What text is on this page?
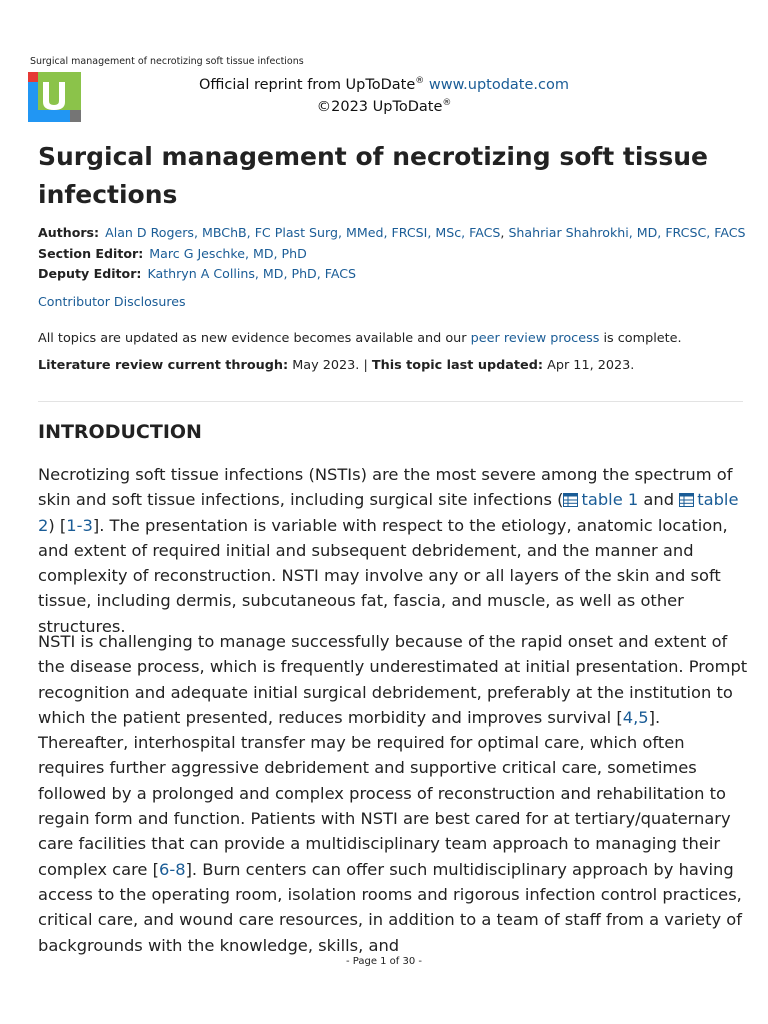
Surgical management of necrotizing soft tissue infections
Official reprint from UpToDate® www.uptodate.com
©2023 UpToDate®
Surgical management of necrotizing soft tissue infections
Authors: Alan D Rogers, MBChB, FC Plast Surg, MMed, FRCSI, MSc, FACS, Shahriar Shahrokhi, MD, FRCSC, FACS
Section Editor: Marc G Jeschke, MD, PhD
Deputy Editor: Kathryn A Collins, MD, PhD, FACS
Contributor Disclosures
All topics are updated as new evidence becomes available and our peer review process is complete.
Literature review current through: May 2023. | This topic last updated: Apr 11, 2023.
INTRODUCTION

Necrotizing soft tissue infections (NSTIs) are the most severe among the spectrum of skin and soft tissue infections, including surgical site infections ( table 1 and table 2) [1-3]. The presentation is variable with respect to the etiology, anatomic location, and extent of required initial and subsequent debridement, and the manner and complexity of reconstruction. NSTI may involve any or all layers of the skin and soft tissue, including dermis, subcutaneous fat, fascia, and muscle, as well as other structures.

NSTI is challenging to manage successfully because of the rapid onset and extent of the disease process, which is frequently underestimated at initial presentation. Prompt recognition and adequate initial surgical debridement, preferably at the institution to which the patient presented, reduces morbidity and improves survival [4,5]. Thereafter, interhospital transfer may be required for optimal care, which often requires further aggressive debridement and supportive critical care, sometimes followed by a prolonged and complex process of reconstruction and rehabilitation to regain form and function. Patients with NSTI are best cared for at tertiary/quaternary care facilities that can provide a multidisciplinary team approach to managing their complex care [6-8]. Burn centers can offer such multidisciplinary approach by having access to the operating room, isolation rooms and rigorous infection control practices, critical care, and wound care resources, in addition to a team of staff from a variety of backgrounds with the knowledge, skills, and

- Page 1 of 30 -
